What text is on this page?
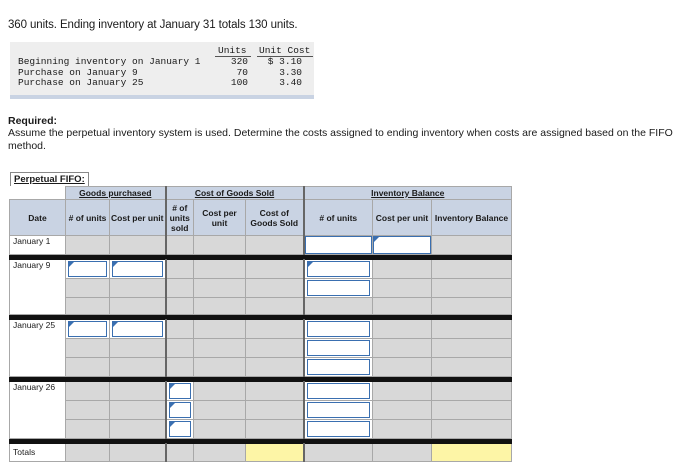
360 units. Ending inventory at January 31 totals 130 units.
Units Unit Cost
Beginning inventory on January 1	320	$ 3.10
Purchase on January 9	70	3.30
Purchase on January 25	100	3.40
Required:
Assume the perpetual inventory system is used. Determine the costs assigned to ending inventory when costs are assigned based on the FIFO method.
Perpetual FIFO:
	Goods purchased		Cost of Goods Sold			Inventory Balance		
Date	# of units	Cost per unit	# of units sold	Cost per unit	Cost of Goods Sold	# of units	Cost per unit	Inventory Balance
January 1						

January 9	

January 25	

January 26			

Totals								
